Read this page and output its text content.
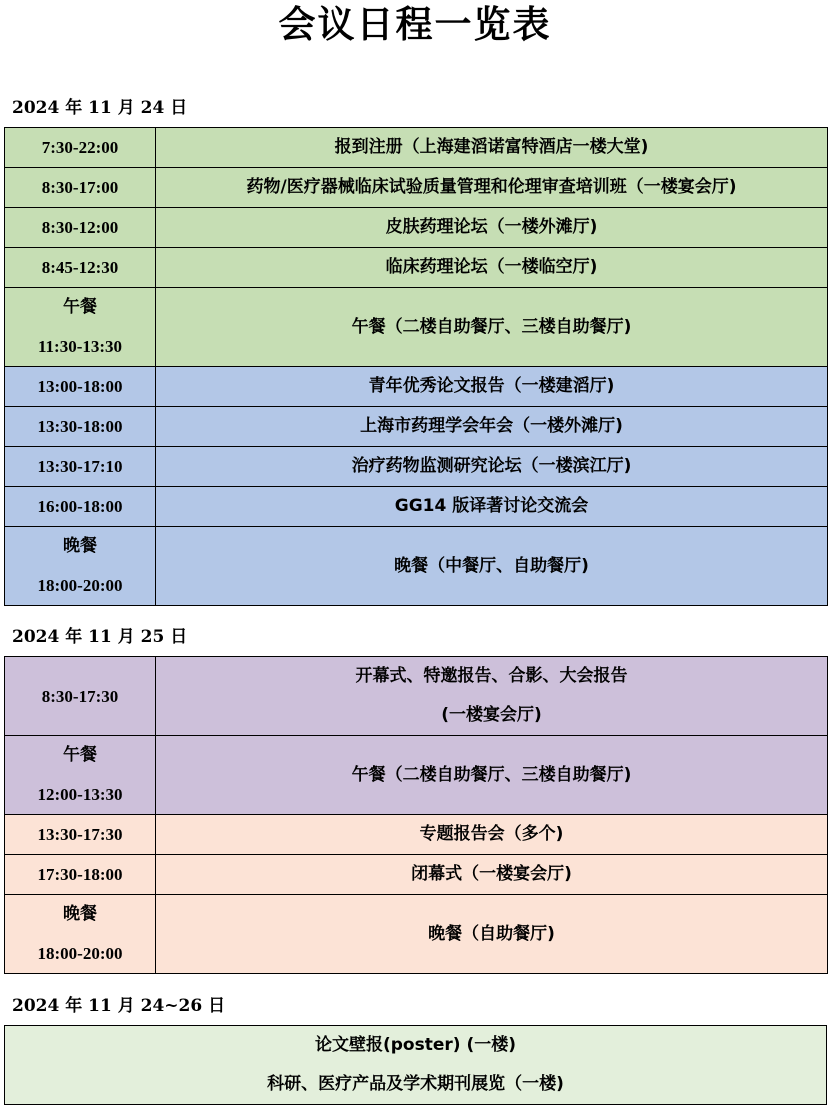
会议日程一览表
2024 年 11 月 24 日
7:30-22:00	报到注册（上海建滔诺富特酒店一楼大堂)
8:30-17:00	药物/医疗器械临床试验质量管理和伦理审查培训班（一楼宴会厅)
8:30-12:00	皮肤药理论坛（一楼外滩厅)
8:45-12:30	临床药理论坛（一楼临空厅)

午餐
11:30-13:30	午餐（二楼自助餐厅、三楼自助餐厅)
13:00-18:00	青年优秀论文报告（一楼建滔厅)
13:30-18:00	上海市药理学会年会（一楼外滩厅)
13:30-17:10	治疗药物监测研究论坛（一楼滨江厅)
16:00-18:00	GG14 版译著讨论交流会

晚餐
18:00-20:00	晚餐（中餐厅、自助餐厅)
2024 年 11 月 25 日
8:30-17:30	开幕式、特邀报告、合影、大会报告
(一楼宴会厅)

午餐
12:00-13:30	午餐（二楼自助餐厅、三楼自助餐厅)
13:30-17:30	专题报告会（多个)
17:30-18:00	闭幕式（一楼宴会厅)

晚餐
18:00-20:00	晚餐（自助餐厅)
2024 年 11 月 24~26 日
论文壁报(poster) (一楼)
科研、医疗产品及学术期刊展览（一楼)
